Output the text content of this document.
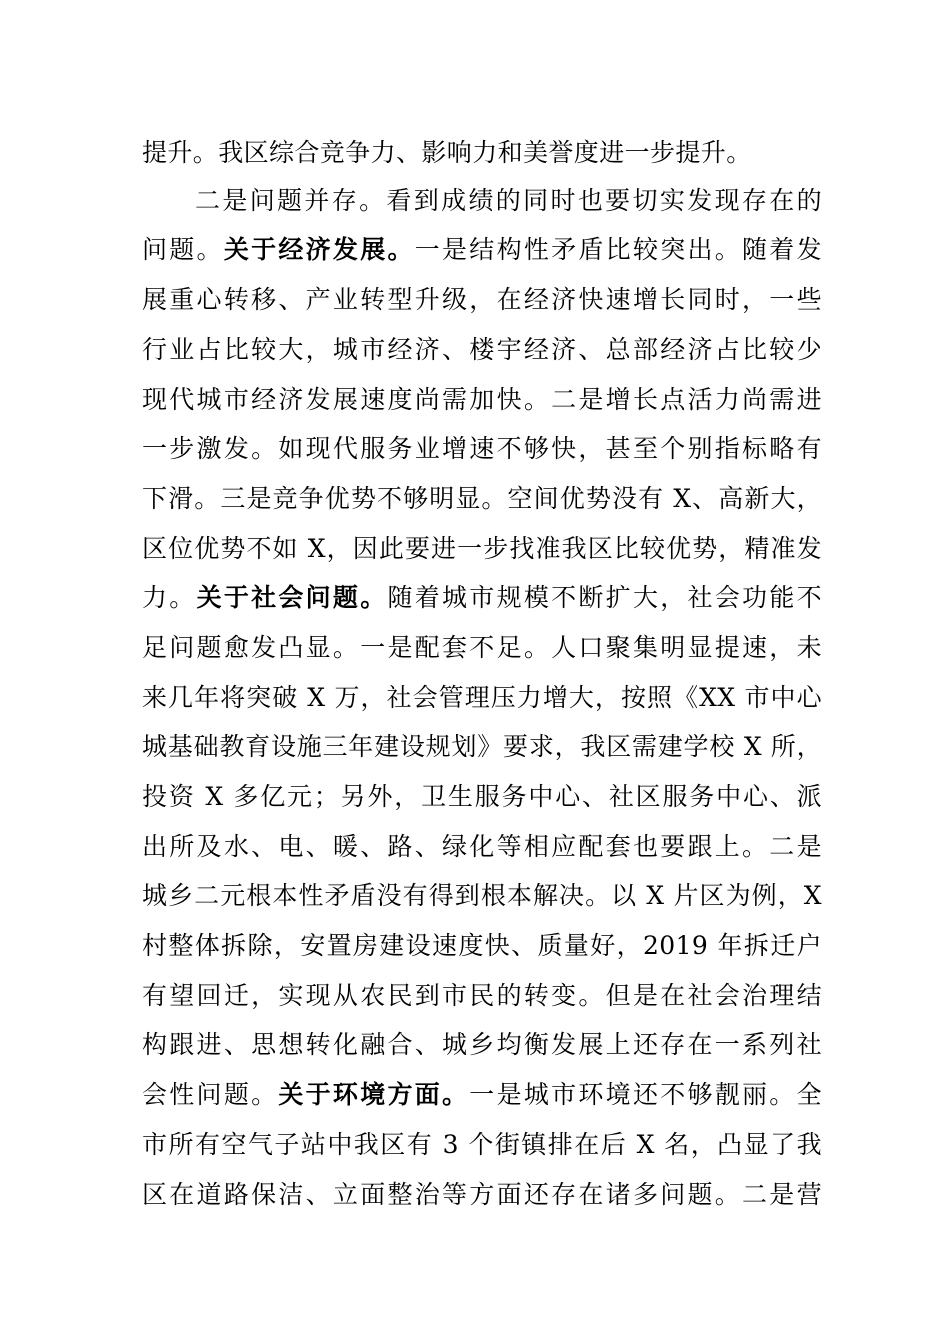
提升。我区综合竞争力、影响力和美誉度进一步提升。
二是问题并存。看到成绩的同时也要切实发现存在的
问题。关于经济发展。一是结构性矛盾比较突出。随着发
展重心转移、产业转型升级，在经济快速增长同时，一些
行业占比较大，城市经济、楼宇经济、总部经济占比较少
现代城市经济发展速度尚需加快。二是增长点活力尚需进
一步激发。如现代服务业增速不够快，甚至个别指标略有
下滑。三是竞争优势不够明显。空间优势没有 X、高新大，
区位优势不如 X，因此要进一步找准我区比较优势，精准发
力。关于社会问题。随着城市规模不断扩大，社会功能不
足问题愈发凸显。一是配套不足。人口聚集明显提速，未
来几年将突破 X 万，社会管理压力增大，按照《XX 市中心
城基础教育设施三年建设规划》要求，我区需建学校 X 所，
投资 X 多亿元；另外，卫生服务中心、社区服务中心、派
出所及水、电、暖、路、绿化等相应配套也要跟上。二是
城乡二元根本性矛盾没有得到根本解决。以 X 片区为例，X
村整体拆除，安置房建设速度快、质量好，2019 年拆迁户
有望回迁，实现从农民到市民的转变。但是在社会治理结
构跟进、思想转化融合、城乡均衡发展上还存在一系列社
会性问题。关于环境方面。一是城市环境还不够靓丽。全
市所有空气子站中我区有 3 个街镇排在后 X 名，凸显了我
区在道路保洁、立面整治等方面还存在诸多问题。二是营
